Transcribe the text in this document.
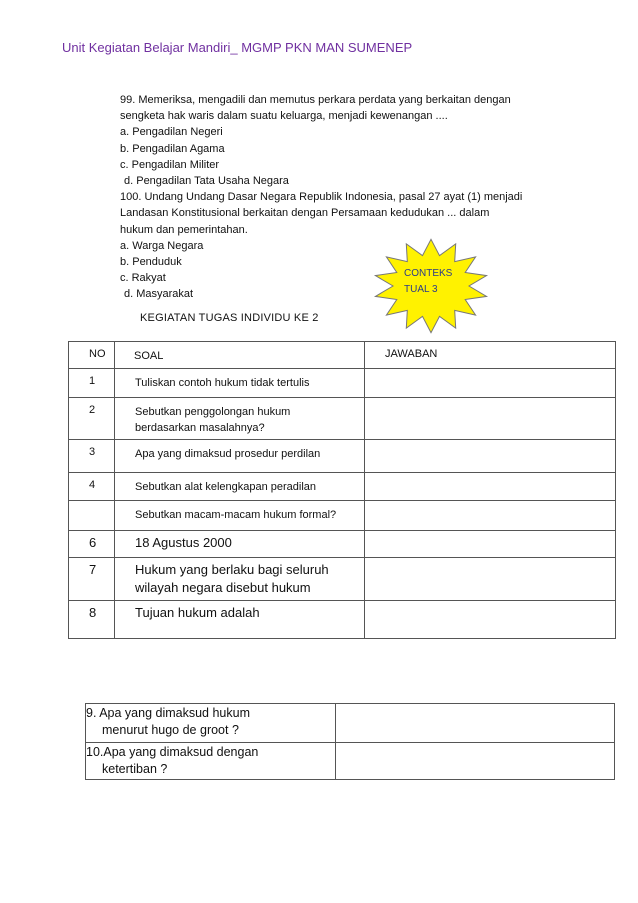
Unit Kegiatan Belajar Mandiri_ MGMP PKN MAN SUMENEP
99. Memeriksa, mengadili dan memutus perkara perdata yang berkaitan dengan
sengketa hak waris dalam suatu keluarga, menjadi kewenangan ....
a. Pengadilan Negeri
b. Pengadilan Agama
c. Pengadilan Militer
d. Pengadilan Tata Usaha Negara
100. Undang Undang Dasar Negara Republik Indonesia, pasal 27 ayat (1) menjadi
Landasan Konstitusional berkaitan dengan Persamaan kedudukan ... dalam
hukum dan pemerintahan.
a. Warga Negara
b. Penduduk
c. Rakyat
d. Masyarakat
CONTEKS
TUAL 3
KEGIATAN TUGAS INDIVIDU KE 2
NO	SOAL	JAWABAN
1	Tuliskan contoh hukum tidak tertulis	
2	Sebutkan penggolongan hukum
berdasarkan masalahnya?	

3	Apa yang dimaksud prosedur perdilan	
4	Sebutkan alat kelengkapan peradilan	
	Sebutkan macam-macam hukum formal?	
6	18 Agustus 2000	
7	Hukum yang berlaku bagi seluruh
wilayah negara disebut hukum	

8	Tujuan hukum adalah	
9. Apa yang dimaksud hukum
menurut hugo de groot ?	

10.Apa yang dimaksud dengan
ketertiban ?	
